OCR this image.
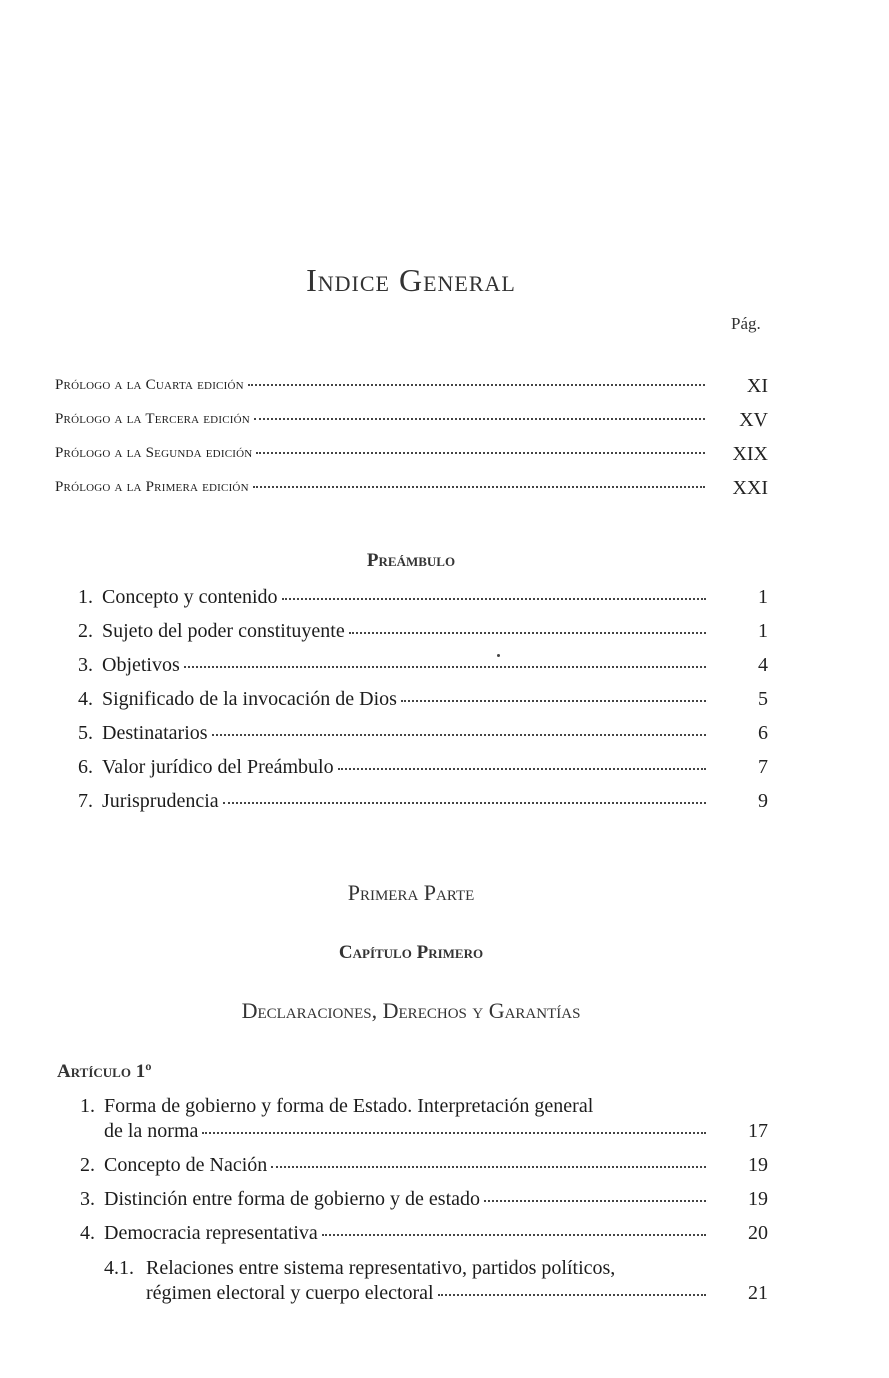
Indice General
Pág.
Prólogo a la Cuarta edición	XI
Prólogo a la Tercera edición	XV
Prólogo a la Segunda edición	XIX
Prólogo a la Primera edición	XXI
Preámbulo
1. Concepto y contenido	1
2. Sujeto del poder constituyente	1
3. Objetivos	4
4. Significado de la invocación de Dios	5
5. Destinatarios	6
6. Valor jurídico del Preámbulo	7
7. Jurisprudencia	9
Primera Parte
Capítulo Primero
Declaraciones, Derechos y Garantías
Artículo 1º
1. Forma de gobierno y forma de Estado. Interpretación general
de la norma	17
2. Concepto de Nación	19
3. Distinción entre forma de gobierno y de estado	19
4. Democracia representativa	20
4.1. Relaciones entre sistema representativo, partidos políticos,
régimen electoral y cuerpo electoral	21
